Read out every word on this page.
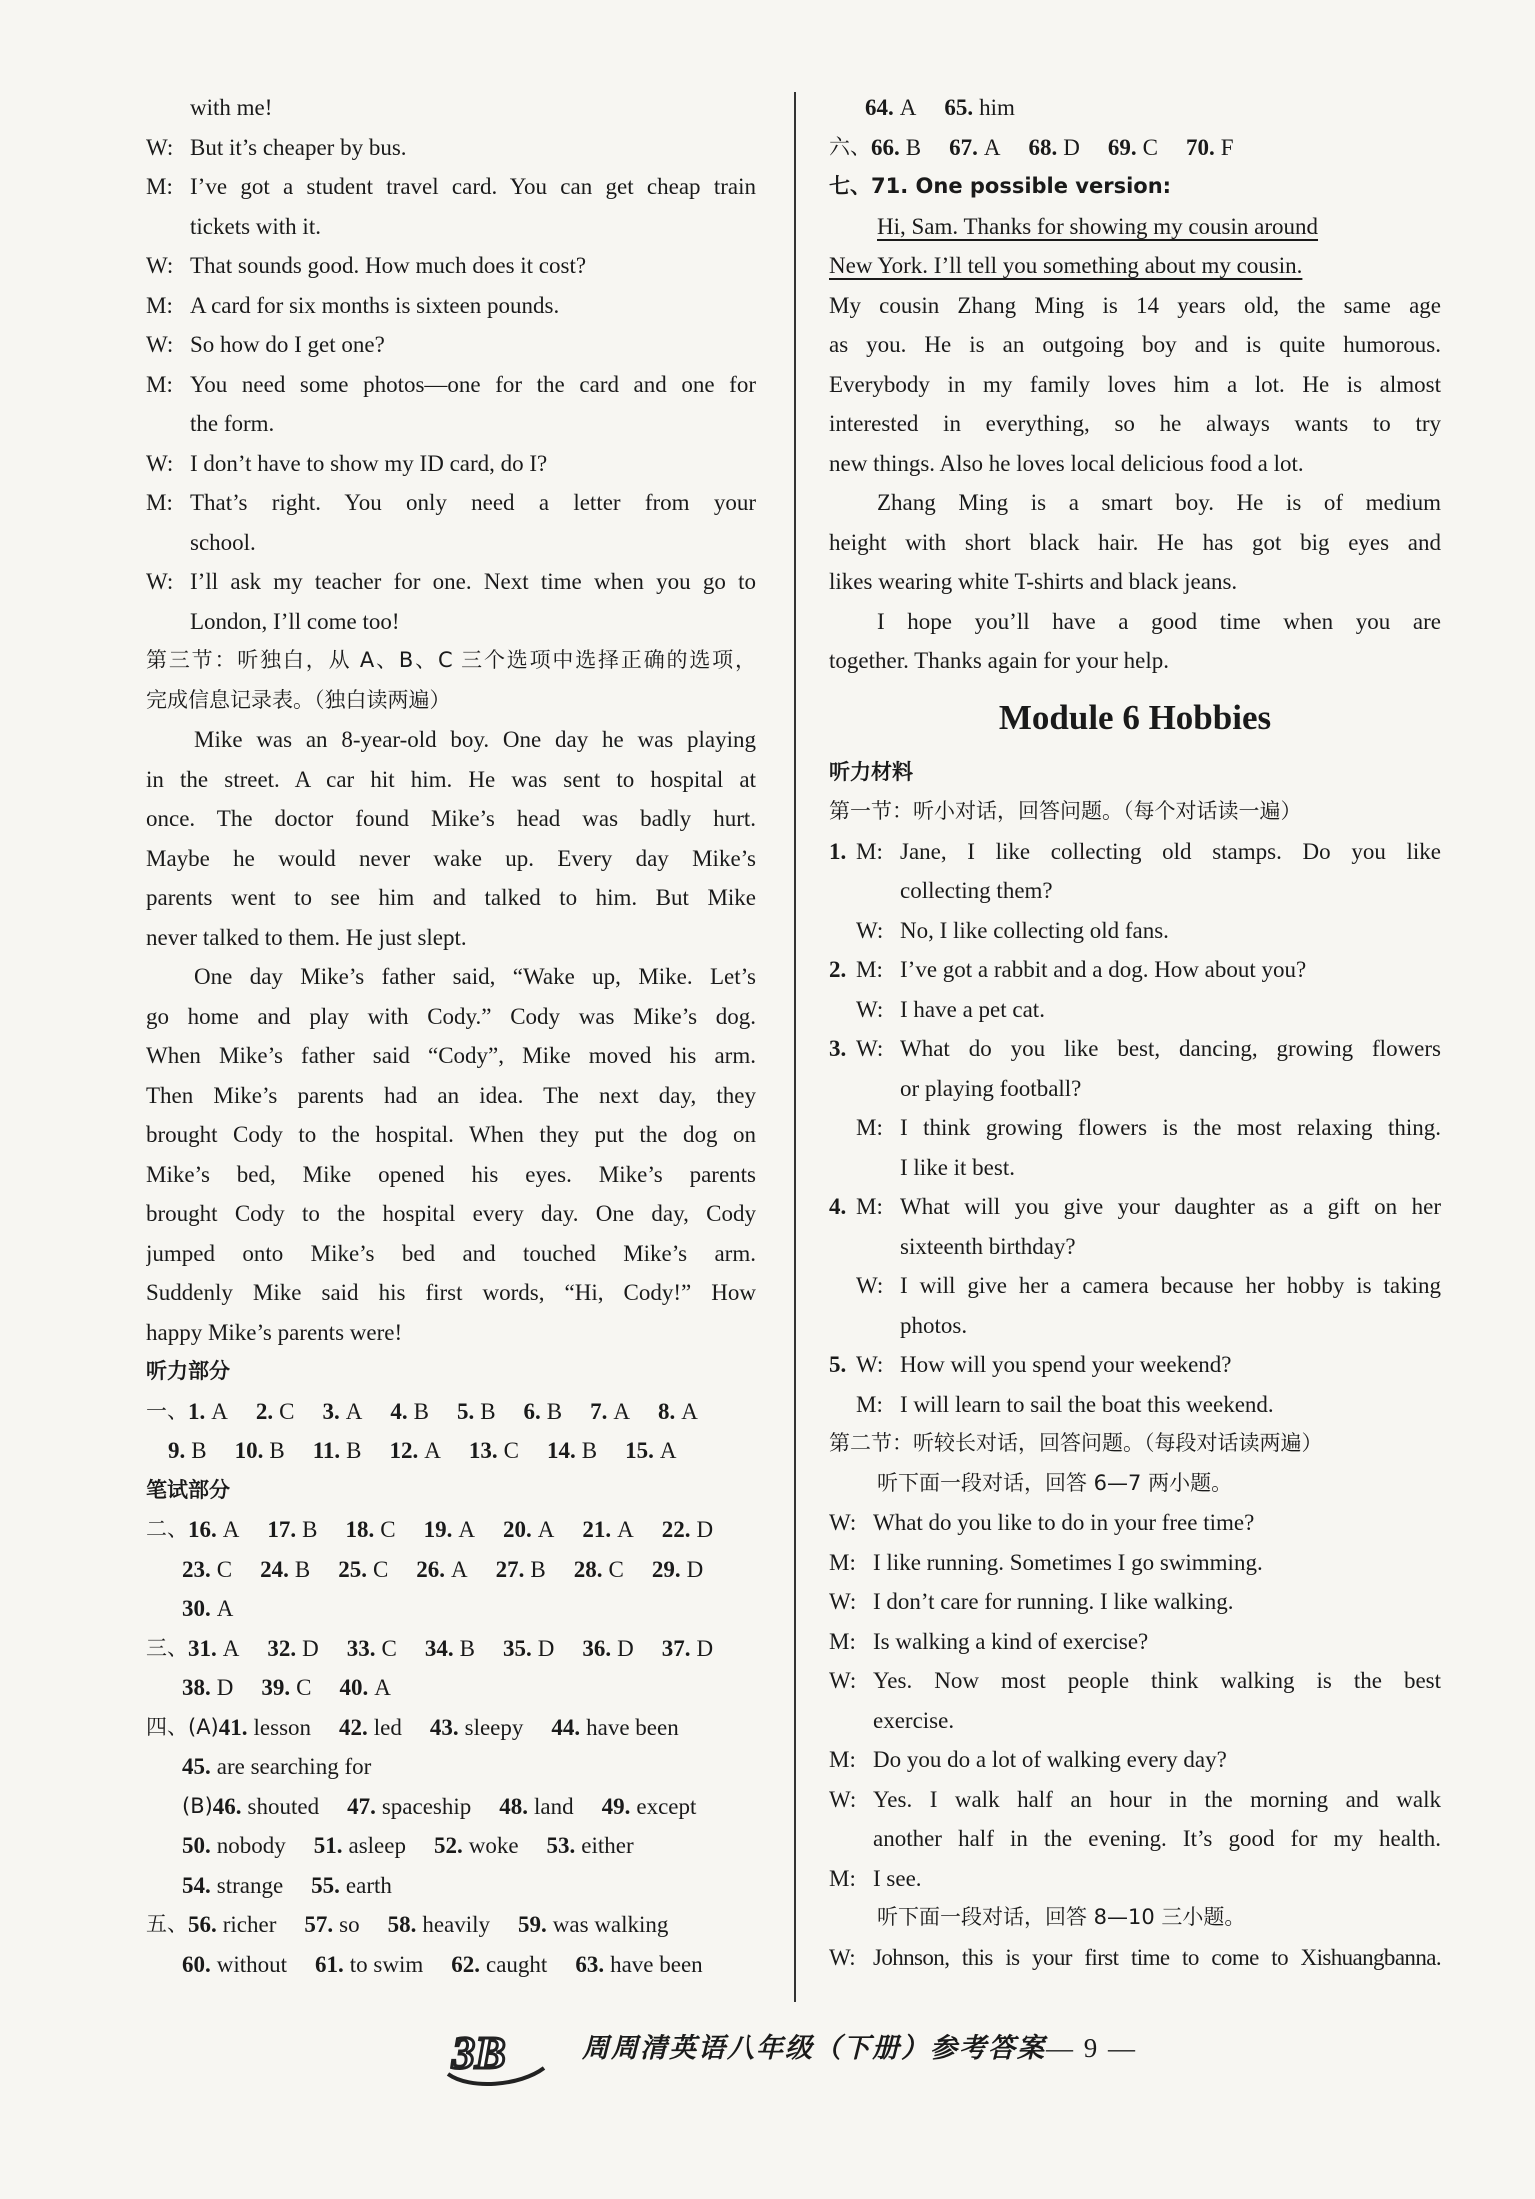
with me!
W: But it’s cheaper by bus.
M: I’ve got a student travel card. You can get cheap train
tickets with it.
W: That sounds good. How much does it cost?
M: A card for six months is sixteen pounds.
W: So how do I get one?
M: You need some photos—one for the card and one for
the form.
W: I don’t have to show my ID card, do I?
M: That’s right. You only need a letter from your
school.
W: I’ll ask my teacher for one. Next time when you go to
London, I’ll come too!
第三节：听独白，从 A、B、C 三个选项中选择正确的选项，
完成信息记录表。（独白读两遍）
Mike was an 8-year-old boy. One day he was playing
in the street. A car hit him. He was sent to hospital at
once. The doctor found Mike’s head was badly hurt.
Maybe he would never wake up. Every day Mike’s
parents went to see him and talked to him. But Mike
never talked to them. He just slept.
One day Mike’s father said, “Wake up, Mike. Let’s
go home and play with Cody.” Cody was Mike’s dog.
When Mike’s father said “Cody”, Mike moved his arm.
Then Mike’s parents had an idea. The next day, they
brought Cody to the hospital. When they put the dog on
Mike’s bed, Mike opened his eyes. Mike’s parents
brought Cody to the hospital every day. One day, Cody
jumped onto Mike’s bed and touched Mike’s arm.
Suddenly Mike said his first words, “Hi, Cody!” How
happy Mike’s parents were!
听力部分
一、 1. A 2. C 3. A 4. B 5. B 6. B 7. A 8. A
9. B 10. B 11. B 12. A 13. C 14. B 15. A
笔试部分
二、 16. A 17. B 18. C 19. A 20. A 21. A 22. D
23. C 24. B 25. C 26. A 27. B 28. C 29. D
30. A
三、 31. A 32. D 33. C 34. B 35. D 36. D 37. D
38. D 39. C 40. A
四、(A) 41. lesson 42. led 43. sleepy 44. have been
45. are searching for
(B) 46. shouted 47. spaceship 48. land 49. except
50. nobody 51. asleep 52. woke 53. either
54. strange 55. earth
五、 56. richer 57. so 58. heavily 59. was walking
60. without 61. to swim 62. caught 63. have been
64. A 65. him
六、 66. B 67. A 68. D 69. C 70. F
七、71. One possible version:
Hi, Sam. Thanks for showing my cousin around
New York. I’ll tell you something about my cousin.
My cousin Zhang Ming is 14 years old, the same age
as you. He is an outgoing boy and is quite humorous.
Everybody in my family loves him a lot. He is almost
interested in everything, so he always wants to try
new things. Also he loves local delicious food a lot.
Zhang Ming is a smart boy. He is of medium
height with short black hair. He has got big eyes and
likes wearing white T-shirts and black jeans.
I hope you’ll have a good time when you are
together. Thanks again for your help.
Module 6 Hobbies
听力材料
第一节：听小对话，回答问题。（每个对话读一遍）
1. M: Jane, I like collecting old stamps. Do you like
collecting them?
W: No, I like collecting old fans.
2. M: I’ve got a rabbit and a dog. How about you?
W: I have a pet cat.
3. W: What do you like best, dancing, growing flowers
or playing football?
M: I think growing flowers is the most relaxing thing.
I like it best.
4. M: What will you give your daughter as a gift on her
sixteenth birthday?
W: I will give her a camera because her hobby is taking
photos.
5. W: How will you spend your weekend?
M: I will learn to sail the boat this weekend.
第二节：听较长对话，回答问题。（每段对话读两遍）
听下面一段对话，回答 6—7 两小题。
W: What do you like to do in your free time?
M: I like running. Sometimes I go swimming.
W: I don’t care for running. I like walking.
M: Is walking a kind of exercise?
W: Yes. Now most people think walking is the best
exercise.
M: Do you do a lot of walking every day?
W: Yes. I walk half an hour in the morning and walk
another half in the evening. It’s good for my health.
M: I see.
听下面一段对话，回答 8—10 三小题。
W: Johnson, this is your first time to come to Xishuangbanna.
3B	周周清英语八年级（下册）参考答案— 9 —
